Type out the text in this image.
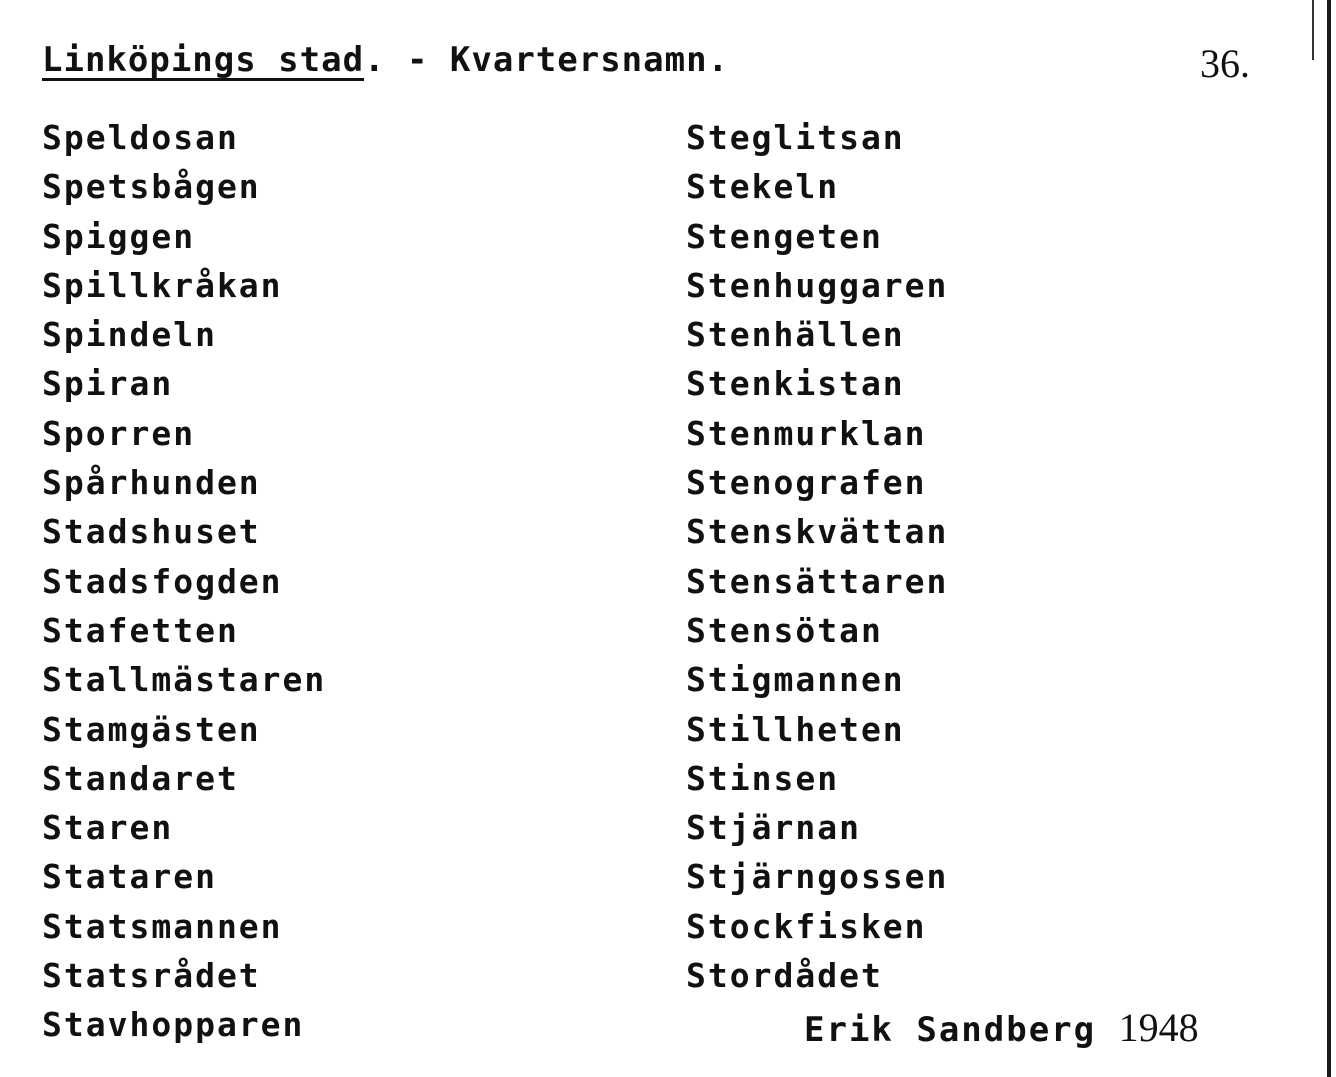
Linköpings stad. - Kvartersnamn.	36.
Speldosan
Spetsbågen
Spiggen
Spillkråkan
Spindeln
Spiran
Sporren
Spårhunden
Stadshuset
Stadsfogden
Stafetten
Stallmästaren
Stamgästen
Standaret
Staren
Stataren
Statsmannen
Statsrådet
Stavhopparen
Steglitsan
Stekeln
Stengeten
Stenhuggaren
Stenhällen
Stenkistan
Stenmurklan
Stenografen
Stenskvättan
Stensättaren
Stensötan
Stigmannen
Stillheten
Stinsen
Stjärnan
Stjärngossen
Stockfisken
Stordådet
Erik Sandberg 1948
